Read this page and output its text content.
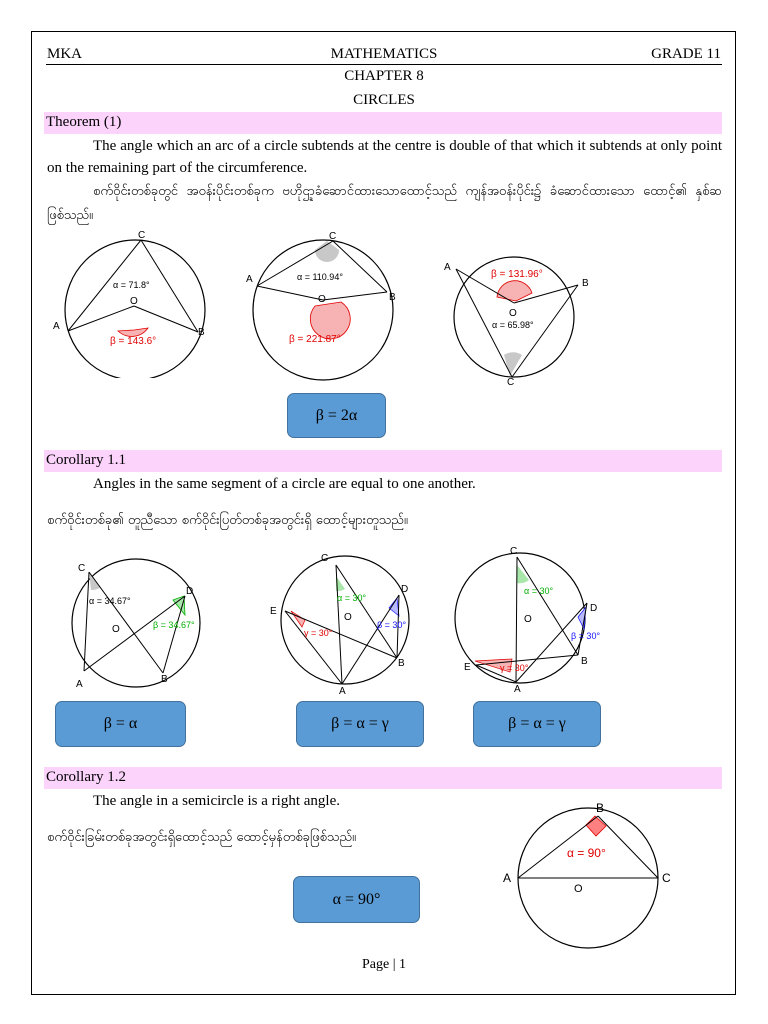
MKA	MATHEMATICS	GRADE 11
CHAPTER 8
CIRCLES
Theorem (1)
The angle which an arc of a circle subtends at the centre is double of that which it subtends at only point on the remaining part of the circumference.
စက်ဝိုင်းတစ်ခုတွင် အဝန်းပိုင်းတစ်ခုက ဗဟိုဌ္ဍာခံဆောင်ထားသောထောင့်သည် ကျန်အဝန်းပိုင်း၌ ခံဆောင်ထားသော ထောင့်၏ နှစ်ဆဖြစ်သည်။
C
A
B
O
α = 71.8°
β = 143.6°
C
A
B
O
α = 110.94°
β = 221.87°
A
B
C
O
α = 65.98°
β = 131.96°
β = 2α
Corollary 1.1
Angles in the same segment of a circle are equal to one another.
စက်ဝိုင်းတစ်ခု၏ တူညီသော စက်ဝိုင်းပြတ်တစ်ခုအတွင်းရှိ ထောင့်များတူသည်။
C
D
A	B
O
α = 34.67°
β = 34.67°
C
D
E
A
B
O
α = 30°
β = 30°
γ = 30°
C
D
E
A
B
O
α = 30°
β = 30°
γ = 30°
β = α	β = α = γ	β = α = γ
Corollary 1.2
The angle in a semicircle is a right angle.
စက်ဝိုင်းခြမ်းတစ်ခုအတွင်းရှိထောင့်သည် ထောင့်မှန်တစ်ခုဖြစ်သည်။
B
A	C
O
α = 90°
α = 90°
Page | 1
